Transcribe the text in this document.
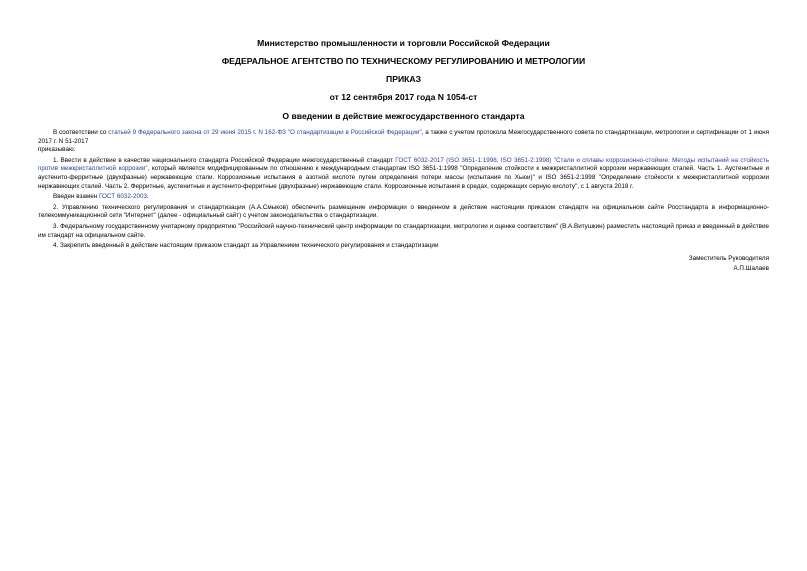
Министерство промышленности и торговли Российской Федерации

ФЕДЕРАЛЬНОЕ АГЕНТСТВО ПО ТЕХНИЧЕСКОМУ РЕГУЛИРОВАНИЮ И МЕТРОЛОГИИ

ПРИКАЗ

от 12 сентября 2017 года N 1054-ст

О введении в действие межгосударственного стандарта

В соответствии со статьей 9 Федерального закона от 29 июня 2015 г. N 162-ФЗ "О стандартизации в Российской Федерации", а также с учетом протокола Межгосударственного совета по стандартизации, метрологии и сертификации от 1 июня 2017 г. N 51-2017

приказываю:

1. Ввести в действие в качестве национального стандарта Российской Федерации межгосударственный стандарт ГОСТ 6032-2017 (ISO 3651-1:1998, ISO 3651-2:1998) "Стали и сплавы коррозионно-стойкие. Методы испытаний на стойкость против межкристаллитной коррозии", который является модифицированным по отношению к международным стандартам ISO 3651-1:1998 "Определение стойкости к межкристаллитной коррозии нержавеющих сталей. Часть 1. Аустенитные и аустенито-ферритные (двухфазные) нержавеющие стали. Коррозионные испытания в азотной кислоте путем определения потери массы (испытания по Хьюи)" и ISO 3651-2:1998 "Определение стойкости к межкристаллитной коррозии нержавеющих сталей. Часть 2. Ферритные, аустенитные и аустенито-ферритные (двухфазные) нержавеющие стали. Коррозионные испытания в средах, содержащих серную кислоту", с 1 августа 2018 г.

Введен взамен ГОСТ 6032-2003.

2. Управлению технического регулирования и стандартизации (А.А.Смыков) обеспечить размещение информации о введенном в действие настоящим приказом стандарте на официальном сайте Росстандарта в информационно-телекоммуникационной сети "Интернет" (далее - официальный сайт) с учетом законодательства о стандартизации.

3. Федеральному государственному унитарному предприятию "Российский научно-технический центр информации по стандартизации, метрологии и оценке соответствия" (В.А.Витушкин) разместить настоящий приказ и введенный в действие им стандарт на официальном сайте.

4. Закрепить введенный в действие настоящим приказом стандарт за Управлением технического регулирования и стандартизации

Заместитель Руководителя
А.П.Шалаев
